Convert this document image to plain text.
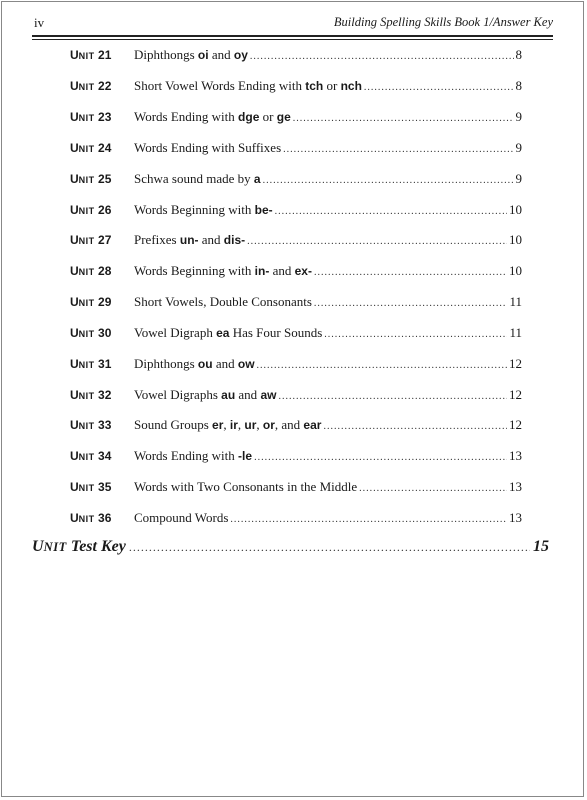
iv	Building Spelling Skills Book 1/Answer Key
UNIT 21	Diphthongs oi and oy .....	8
UNIT 22	Short Vowel Words Ending with tch or nch .....	8
UNIT 23	Words Ending with dge or ge .....	9
UNIT 24	Words Ending with Suffixes .....	9
UNIT 25	Schwa sound made by a .....	9
UNIT 26	Words Beginning with be- .....	10
UNIT 27	Prefixes un- and dis- .....	10
UNIT 28	Words Beginning with in- and ex- .....	10
UNIT 29	Short Vowels, Double Consonants .....	11
UNIT 30	Vowel Digraph ea Has Four Sounds .....	11
UNIT 31	Diphthongs ou and ow .....	12
UNIT 32	Vowel Digraphs au and aw .....	12
UNIT 33	Sound Groups er, ir, ur, or, and ear .....	12
UNIT 34	Words Ending with -le .....	13
UNIT 35	Words with Two Consonants in the Middle .....	13
UNIT 36	Compound Words .....	13
UNIT Test Key .....	15
